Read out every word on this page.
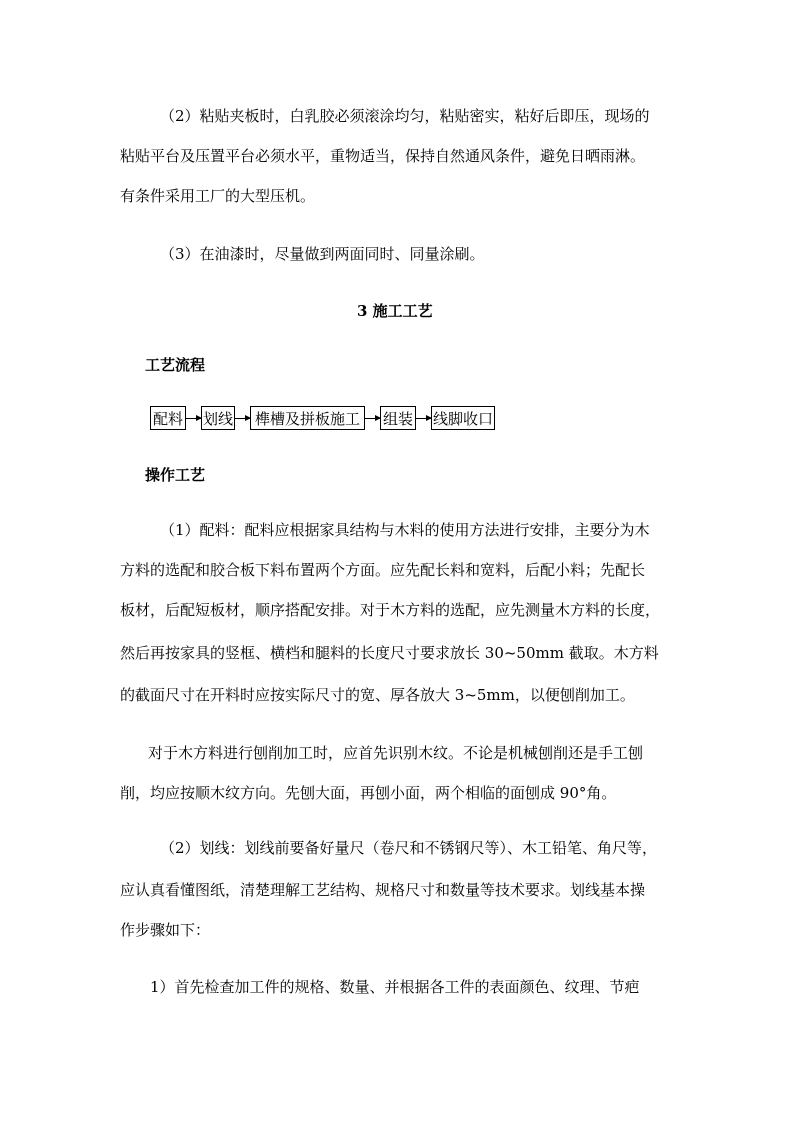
（2）粘贴夹板时，白乳胶必须滚涂均匀，粘贴密实，粘好后即压，现场的
粘贴平台及压置平台必须水平，重物适当，保持自然通风条件，避免日晒雨淋。
有条件采用工厂的大型压机。
（3）在油漆时，尽量做到两面同时、同量涂刷。
3 施工工艺
工艺流程
配料 划线	榫槽及拼板施工	组装 线脚收口
操作工艺
（1）配料：配料应根据家具结构与木料的使用方法进行安排，主要分为木
方料的选配和胶合板下料布置两个方面。应先配长料和宽料，后配小料；先配长
板材，后配短板材，顺序搭配安排。对于木方料的选配，应先测量木方料的长度，
然后再按家具的竖框、横档和腿料的长度尺寸要求放长 30~50mm 截取。木方料
的截面尺寸在开料时应按实际尺寸的宽、厚各放大 3~5mm，以便刨削加工。
对于木方料进行刨削加工时，应首先识别木纹。不论是机械刨削还是手工刨
削，均应按顺木纹方向。先刨大面，再刨小面，两个相临的面刨成 90°角。
（2）划线：划线前要备好量尺（卷尺和不锈钢尺等）、木工铅笔、角尺等，
应认真看懂图纸，清楚理解工艺结构、规格尺寸和数量等技术要求。划线基本操
作步骤如下：
1）首先检查加工件的规格、数量、并根据各工件的表面颜色、纹理、节疤
